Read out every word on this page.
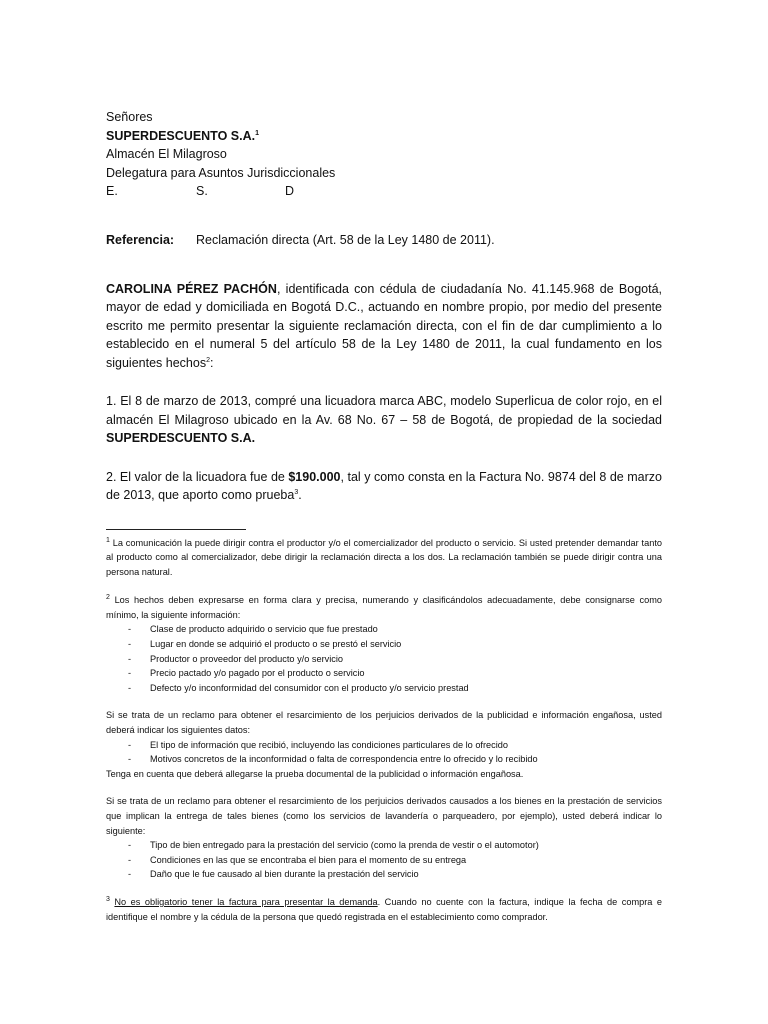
Señores
SUPERDESCUENTO S.A.$^1$
Almacén El Milagroso
Delegatura para Asuntos Jurisdiccionales
E.	S.	D
Referencia: Reclamación directa (Art. 58 de la Ley 1480 de 2011).

CAROLINA PÉREZ PACHÓN, identificada con cédula de ciudadanía No. 41.145.968 de Bogotá, mayor de edad y domiciliada en Bogotá D.C., actuando en nombre propio, por medio del presente escrito me permito presentar la siguiente reclamación directa, con el fin de dar cumplimiento a lo establecido en el numeral 5 del artículo 58 de la Ley 1480 de 2011, la cual fundamento en los siguientes hechos$^2$:

1. El 8 de marzo de 2013, compré una licuadora marca ABC, modelo Superlicua de color rojo, en el almacén El Milagroso ubicado en la Av. 68 No. 67 – 58 de Bogotá, de propiedad de la sociedad SUPERDESCUENTO S.A.

2. El valor de la licuadora fue de $190.000, tal y como consta en la Factura No. 9874 del 8 de marzo de 2013, que aporto como prueba$^3$.

$^1$ La comunicación la puede dirigir contra el productor y/o el comercializador del producto o servicio. Si usted pretender demandar tanto al producto como al comercializador, debe dirigir la reclamación directa a los dos. La reclamación también se puede dirigir contra una persona natural.

$^2$ Los hechos deben expresarse en forma clara y precisa, numerando y clasificándolos adecuadamente, debe consignarse como mínimo, la siguiente información:
- Clase de producto adquirido o servicio que fue prestado
- Lugar en donde se adquirió el producto o se prestó el servicio
- Productor o proveedor del producto y/o servicio
- Precio pactado y/o pagado por el producto o servicio
- Defecto y/o inconformidad del consumidor con el producto y/o servicio prestad
Si se trata de un reclamo para obtener el resarcimiento de los perjuicios derivados de la publicidad e información engañosa, usted deberá indicar los siguientes datos:
- El tipo de información que recibió, incluyendo las condiciones particulares de lo ofrecido
- Motivos concretos de la inconformidad o falta de correspondencia entre lo ofrecido y lo recibido
Tenga en cuenta que deberá allegarse la prueba documental de la publicidad o información engañosa.
Si se trata de un reclamo para obtener el resarcimiento de los perjuicios derivados causados a los bienes en la prestación de servicios que implican la entrega de tales bienes (como los servicios de lavandería o parqueadero, por ejemplo), usted deberá indicar lo siguiente:
- Tipo de bien entregado para la prestación del servicio (como la prenda de vestir o el automotor)
- Condiciones en las que se encontraba el bien para el momento de su entrega
- Daño que le fue causado al bien durante la prestación del servicio

$^3$ No es obligatorio tener la factura para presentar la demanda. Cuando no cuente con la factura, indique la fecha de compra e identifique el nombre y la cédula de la persona que quedó registrada en el establecimiento como comprador.
